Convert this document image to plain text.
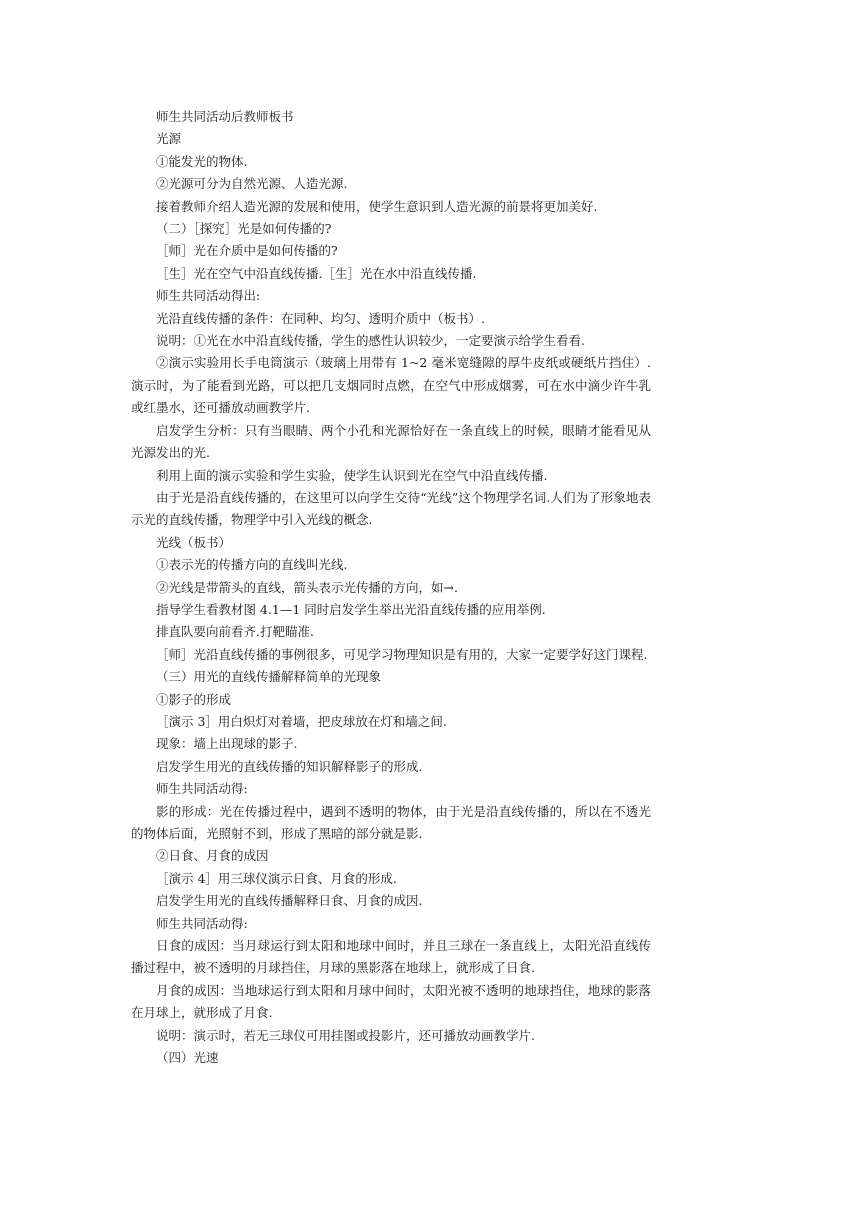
师生共同活动后教师板书

光源

①能发光的物体.

②光源可分为自然光源、人造光源.

接着教师介绍人造光源的发展和使用，使学生意识到人造光源的前景将更加美好.

（二）［探究］光是如何传播的?

［师］光在介质中是如何传播的?

［生］光在空气中沿直线传播.［生］光在水中沿直线传播.

师生共同活动得出:

光沿直线传播的条件：在同种、均匀、透明介质中（板书）.

说明：①光在水中沿直线传播，学生的感性认识较少，一定要演示给学生看看.

②演示实验用长手电筒演示（玻璃上用带有 1~2 毫米宽缝隙的厚牛皮纸或硬纸片挡住）.演示时，为了能看到光路，可以把几支烟同时点燃，在空气中形成烟雾，可在水中滴少许牛乳或红墨水，还可播放动画教学片.

启发学生分析：只有当眼睛、两个小孔和光源恰好在一条直线上的时候，眼睛才能看见从光源发出的光.

利用上面的演示实验和学生实验，使学生认识到光在空气中沿直线传播.

由于光是沿直线传播的，在这里可以向学生交待“光线”这个物理学名词.人们为了形象地表示光的直线传播，物理学中引入光线的概念.

光线（板书）

①表示光的传播方向的直线叫光线.

②光线是带箭头的直线，箭头表示光传播的方向，如→.

指导学生看教材图 4.1—1 同时启发学生举出光沿直线传播的应用举例.

排直队要向前看齐.打靶瞄准.

［师］光沿直线传播的事例很多，可见学习物理知识是有用的，大家一定要学好这门课程.

（三）用光的直线传播解释简单的光现象

①影子的形成

［演示 3］用白炽灯对着墙，把皮球放在灯和墙之间.

现象：墙上出现球的影子.

启发学生用光的直线传播的知识解释影子的形成.

师生共同活动得:

影的形成：光在传播过程中，遇到不透明的物体，由于光是沿直线传播的，所以在不透光的物体后面，光照射不到，形成了黑暗的部分就是影.

②日食、月食的成因

［演示 4］用三球仪演示日食、月食的形成.

启发学生用光的直线传播解释日食、月食的成因.

师生共同活动得:

日食的成因：当月球运行到太阳和地球中间时，并且三球在一条直线上，太阳光沿直线传播过程中，被不透明的月球挡住，月球的黑影落在地球上，就形成了日食.

月食的成因：当地球运行到太阳和月球中间时，太阳光被不透明的地球挡住，地球的影落在月球上，就形成了月食.

说明：演示时，若无三球仪可用挂图或投影片，还可播放动画教学片.

（四）光速
